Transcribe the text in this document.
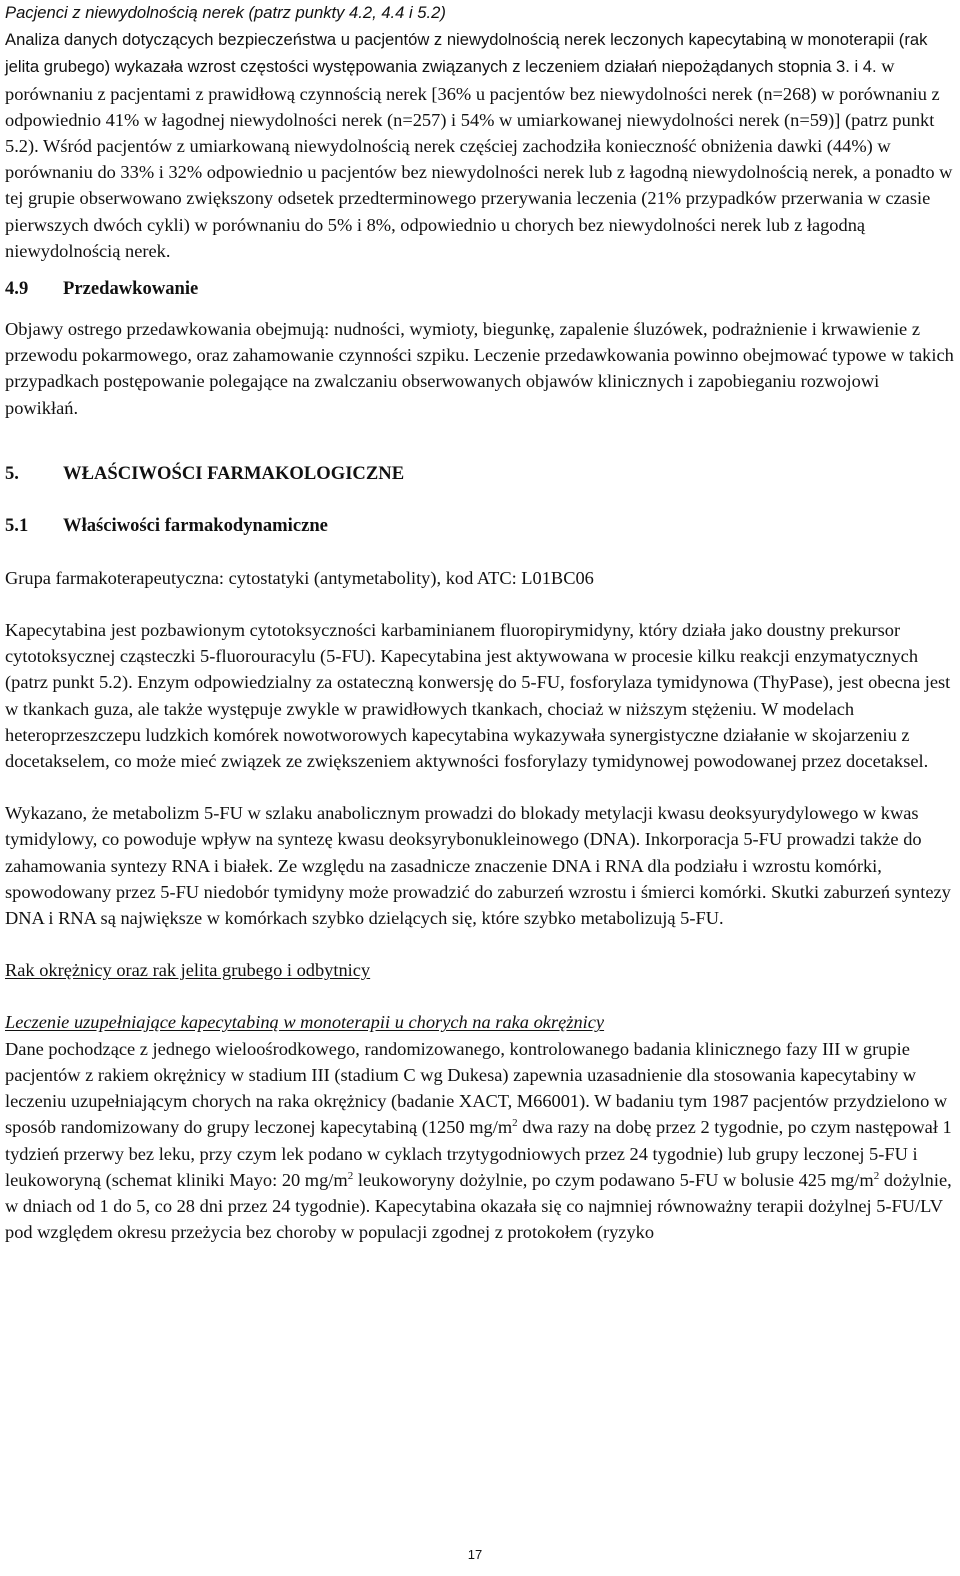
Pacjenci z niewydolnością nerek (patrz punkty 4.2, 4.4 i 5.2)

Analiza danych dotyczących bezpieczeństwa u pacjentów z niewydolnością nerek leczonych kapecytabiną w monoterapii (rak jelita grubego) wykazała wzrost częstości występowania związanych z leczeniem działań niepożądanych stopnia 3. i 4. w porównaniu z pacjentami z prawidłową czynnością nerek [36% u pacjentów bez niewydolności nerek (n=268) w porównaniu z odpowiednio 41% w łagodnej niewydolności nerek (n=257) i 54% w umiarkowanej niewydolności nerek (n=59)] (patrz punkt 5.2). Wśród pacjentów z umiarkowaną niewydolnością nerek częściej zachodziła konieczność obniżenia dawki (44%) w porównaniu do 33% i 32% odpowiednio u pacjentów bez niewydolności nerek lub z łagodną niewydolnością nerek, a ponadto w tej grupie obserwowano zwiększony odsetek przedterminowego przerywania leczenia (21% przypadków przerwania w czasie pierwszych dwóch cykli) w porównaniu do 5% i 8%, odpowiednio u chorych bez niewydolności nerek lub z łagodną niewydolnością nerek.

4.9 Przedawkowanie

Objawy ostrego przedawkowania obejmują: nudności, wymioty, biegunkę, zapalenie śluzówek, podrażnienie i krwawienie z przewodu pokarmowego, oraz zahamowanie czynności szpiku. Leczenie przedawkowania powinno obejmować typowe w takich przypadkach postępowanie polegające na zwalczaniu obserwowanych objawów klinicznych i zapobieganiu rozwojowi powikłań.

5. WŁAŚCIWOŚCI FARMAKOLOGICZNE

5.1 Właściwości farmakodynamiczne

Grupa farmakoterapeutyczna: cytostatyki (antymetabolity), kod ATC: L01BC06

Kapecytabina jest pozbawionym cytotoksyczności karbaminianem fluoropirymidyny, który działa jako doustny prekursor cytotoksycznej cząsteczki 5-fluorouracylu (5-FU). Kapecytabina jest aktywowana w procesie kilku reakcji enzymatycznych (patrz punkt 5.2). Enzym odpowiedzialny za ostateczną konwersję do 5-FU, fosforylaza tymidynowa (ThyPase), jest obecna jest w tkankach guza, ale także występuje zwykle w prawidłowych tkankach, chociaż w niższym stężeniu. W modelach heteroprzeszczepu ludzkich komórek nowotworowych kapecytabina wykazywała synergistyczne działanie w skojarzeniu z docetakselem, co może mieć związek ze zwiększeniem aktywności fosforylazy tymidynowej powodowanej przez docetaksel.

Wykazano, że metabolizm 5-FU w szlaku anabolicznym prowadzi do blokady metylacji kwasu deoksyurydylowego w kwas tymidylowy, co powoduje wpływ na syntezę kwasu deoksyrybonukleinowego (DNA). Inkorporacja 5-FU prowadzi także do zahamowania syntezy RNA i białek. Ze względu na zasadnicze znaczenie DNA i RNA dla podziału i wzrostu komórki, spowodowany przez 5-FU niedobór tymidyny może prowadzić do zaburzeń wzrostu i śmierci komórki. Skutki zaburzeń syntezy DNA i RNA są największe w komórkach szybko dzielących się, które szybko metabolizują 5-FU.

Rak okrężnicy oraz rak jelita grubego i odbytnicy

Leczenie uzupełniające kapecytabiną w monoterapii u chorych na raka okrężnicy

Dane pochodzące z jednego wieloośrodkowego, randomizowanego, kontrolowanego badania klinicznego fazy III w grupie pacjentów z rakiem okrężnicy w stadium III (stadium C wg Dukesa) zapewnia uzasadnienie dla stosowania kapecytabiny w leczeniu uzupełniającym chorych na raka okrężnicy (badanie XACT, M66001). W badaniu tym 1987 pacjentów przydzielono w sposób randomizowany do grupy leczonej kapecytabiną (1250 $mg/m^2$ dwa razy na dobę przez 2 tygodnie, po czym następował 1 tydzień przerwy bez leku, przy czym lek podano w cyklach trzytygodniowych przez 24 tygodnie) lub grupy leczonej 5-FU i leukoworyną (schemat kliniki Mayo: 20 $mg/m^2$ leukoworyny dożylnie, po czym podawano 5-FU w bolusie 425 $mg/m^2$ dożylnie, w dniach od 1 do 5, co 28 dni przez 24 tygodnie). Kapecytabina okazała się co najmniej równoważny terapii dożylnej 5-FU/LV pod względem okresu przeżycia bez choroby w populacji zgodnej z protokołem (ryzyko

17
